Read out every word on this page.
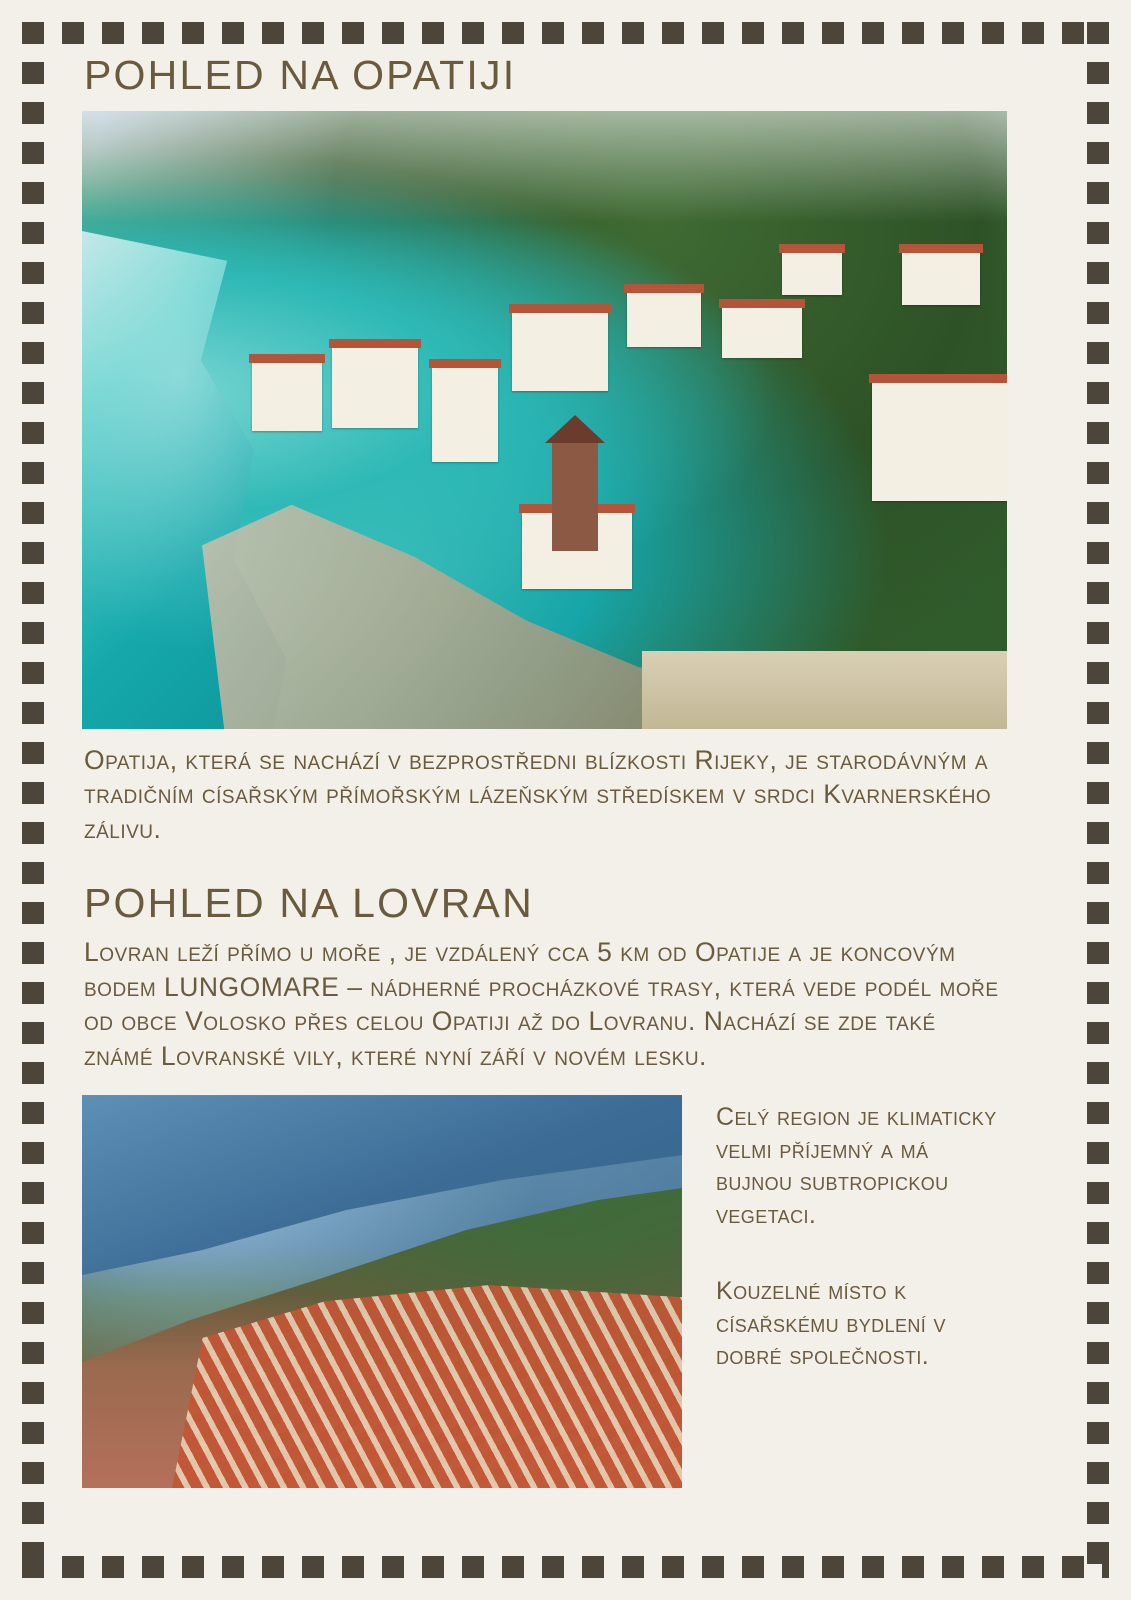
POHLED NA OPATIJI

Opatija, která se nachází v bezprostředni blízkosti Rijeky, je starodávným a tradičním císařským přímořským lázeňským středískem v srdci Kvarnerského zálivu.

POHLED NA LOVRAN

Lovran leží přímo u moře , je vzdálený cca 5 km od Opatije a je koncovým bodem LUNGOMARE – nádherné procházkové trasy, která vede podél moře od obce Volosko přes celou Opatiji až do Lovranu. Nachází se zde také známé Lovranské vily, které nyní září v novém lesku.

Celý region je klimaticky velmi příjemný a má bujnou subtropickou vegetaci.

Kouzelné místo k císařskému bydlení v dobré společnosti.
